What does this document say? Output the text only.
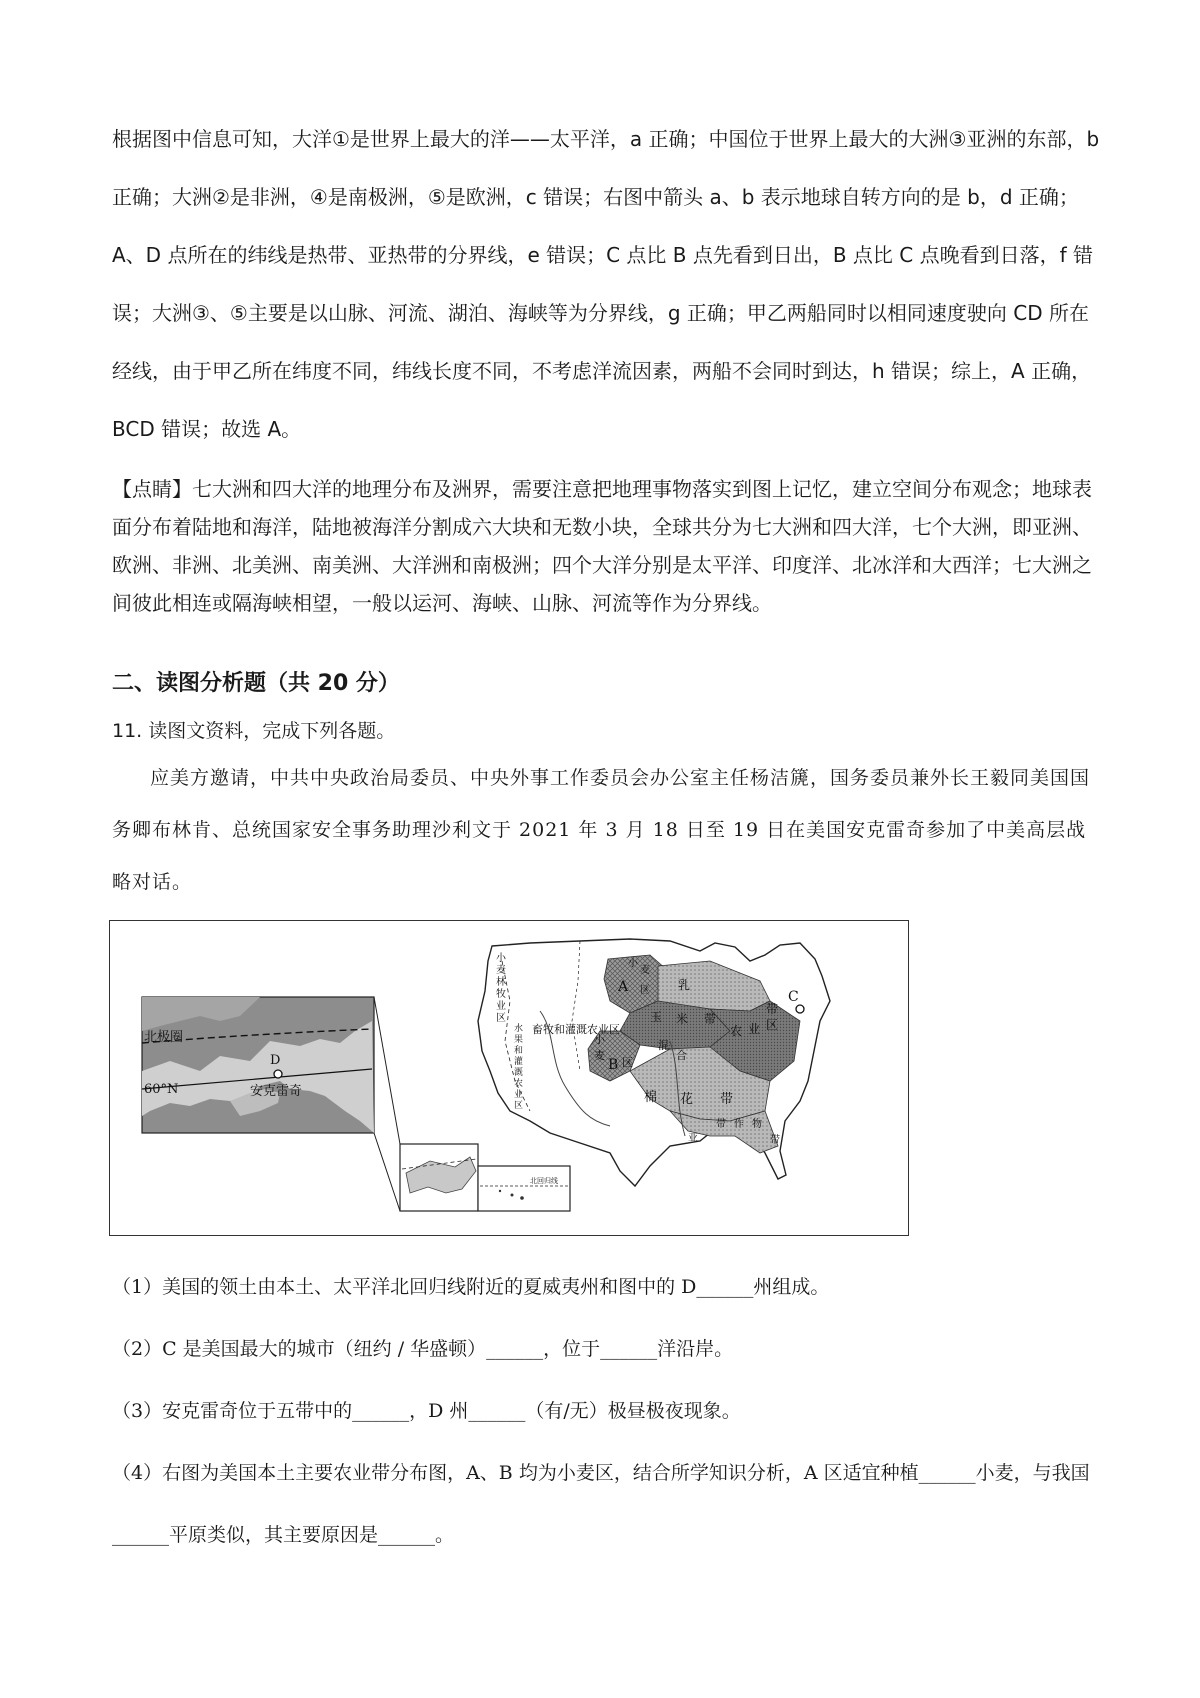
根据图中信息可知，大洋①是世界上最大的洋——太平洋，a 正确；中国位于世界上最大的大洲③亚洲的东部，b 正确；大洲②是非洲，④是南极洲，⑤是欧洲，c 错误；右图中箭头 a、b 表示地球自转方向的是 b，d 正确；A、D 点所在的纬线是热带、亚热带的分界线，e 错误；C 点比 B 点先看到日出，B 点比 C 点晚看到日落，f 错误；大洲③、⑤主要是以山脉、河流、湖泊、海峡等为分界线，g 正确；甲乙两船同时以相同速度驶向 CD 所在经线，由于甲乙所在纬度不同，纬线长度不同，不考虑洋流因素，两船不会同时到达，h 错误；综上，A 正确，BCD 错误；故选 A。

【点睛】七大洲和四大洋的地理分布及洲界，需要注意把地理事物落实到图上记忆，建立空间分布观念；地球表面分布着陆地和海洋，陆地被海洋分割成六大块和无数小块，全球共分为七大洲和四大洋，七个大洲，即亚洲、欧洲、非洲、北美洲、南美洲、大洋洲和南极洲；四个大洋分别是太平洋、印度洋、北冰洋和大西洋；七大洲之间彼此相连或隔海峡相望，一般以运河、海峡、山脉、河流等作为分界线。

二、读图分析题（共 20 分）

11. 读图文资料，完成下列各题。

应美方邀请，中共中央政治局委员、中央外事工作委员会办公室主任杨洁篪，国务委员兼外长王毅同美国国务卿布林肯、总统国家安全事务助理沙利文于 2021 年 3 月 18 日至 19 日在美国安克雷奇参加了中美高层战略对话。

北极圈
60°N
D
安克雷奇
北回归线
畜牧和灌溉农业区
A
B
C
小
麦
林
牧
业
区
水
果
和
灌
溉
农
业
区
小
麦
区 乳
带
玉 米 带
小
麦
区
混
合
农 业 区
棉 花 带
亚
带 作 物
带

（1）美国的领土由本土、太平洋北回归线附近的夏威夷州和图中的 D______州组成。

（2）C 是美国最大的城市（纽约 / 华盛顿）______，位于______洋沿岸。

（3）安克雷奇位于五带中的______，D 州______（有/无）极昼极夜现象。

（4）右图为美国本土主要农业带分布图，A、B 均为小麦区，结合所学知识分析，A 区适宜种植______小麦，与我国______平原类似，其主要原因是______。
